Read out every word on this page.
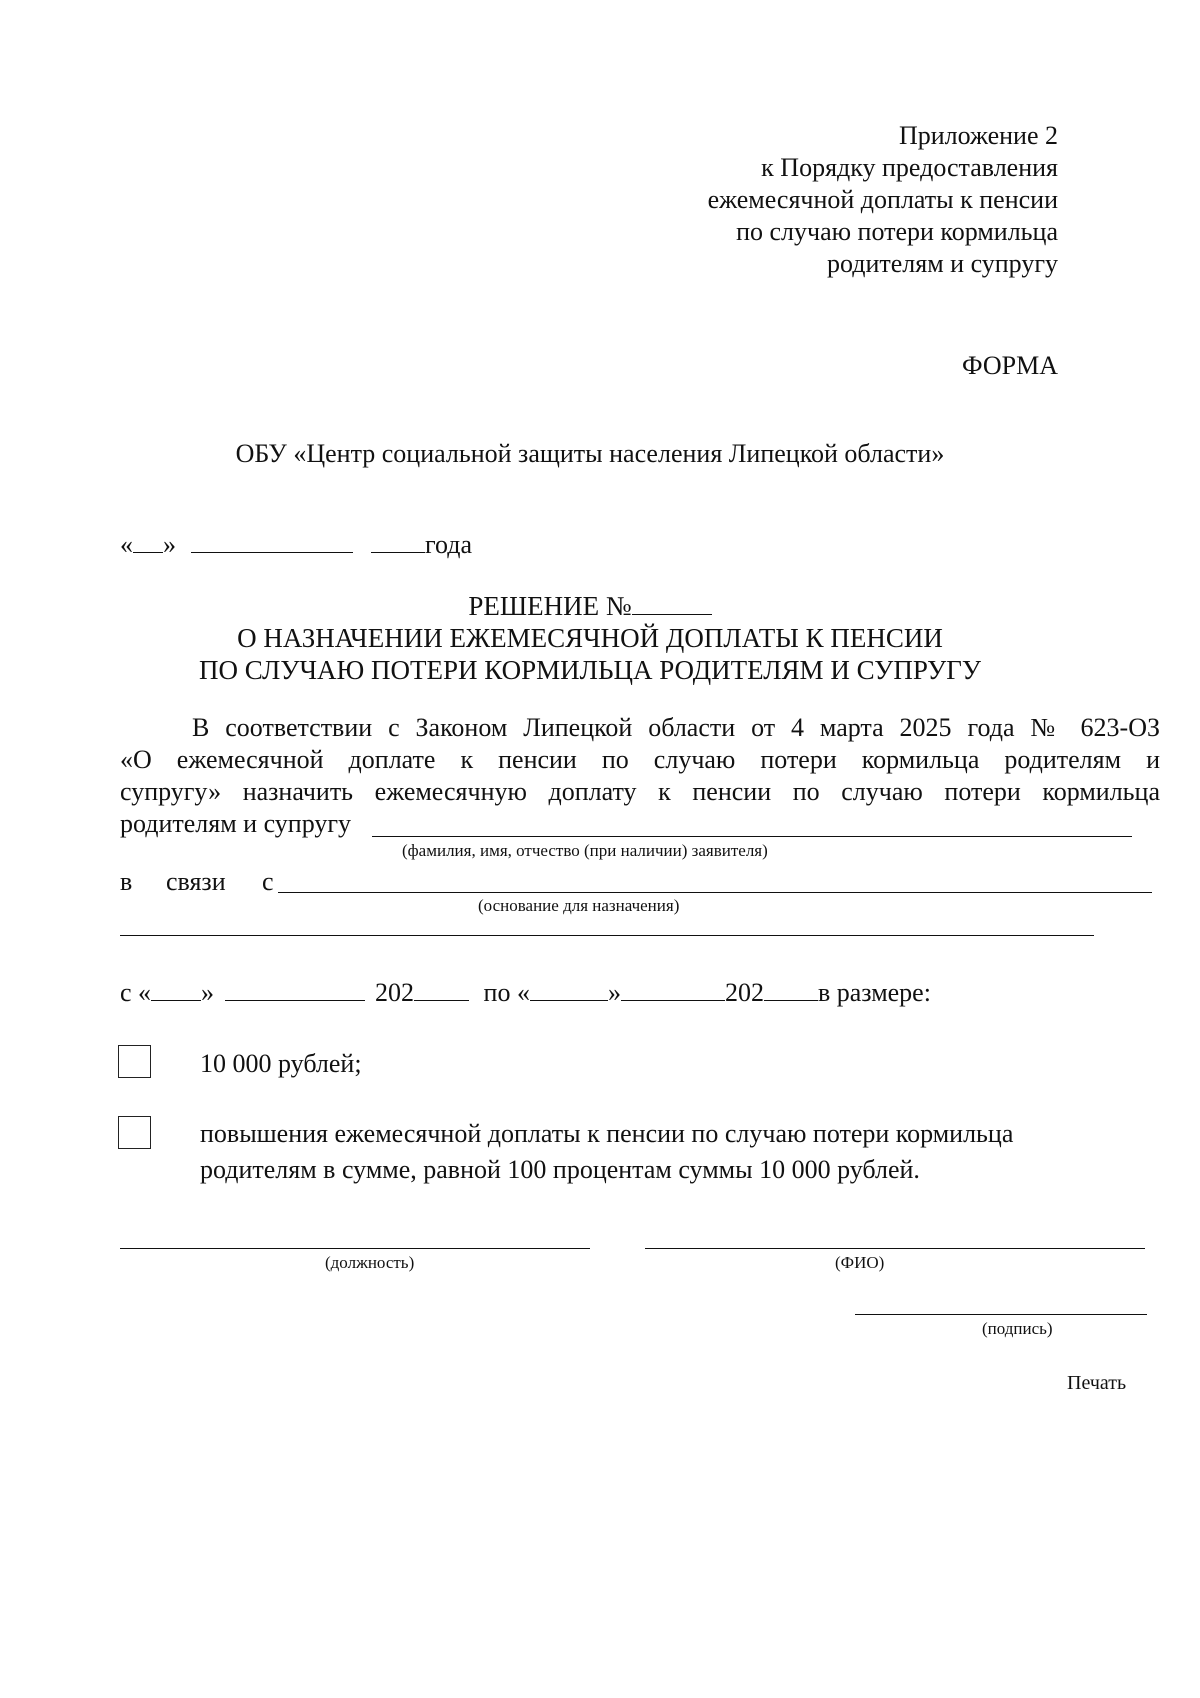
Приложение 2
к Порядку предоставления
ежемесячной доплаты к пенсии
по случаю потери кормильца
родителям и супругу
ФОРМА
ОБУ «Центр социальной защиты населения Липецкой области»
« »	года
РЕШЕНИЕ №
О НАЗНАЧЕНИИ ЕЖЕМЕСЯЧНОЙ ДОПЛАТЫ К ПЕНСИИ
ПО СЛУЧАЮ ПОТЕРИ КОРМИЛЬЦА РОДИТЕЛЯМ И СУПРУГУ
В соответствии с Законом Липецкой области от 4 марта 2025 года № 623-ОЗ
«О ежемесячной доплате к пенсии по случаю потери кормильца родителям и
супругу» назначить ежемесячную доплату к пенсии по случаю потери кормильца
родителям и супругу
(фамилия, имя, отчество (при наличии) заявителя)
в связи с
(основание для назначения)
с « »	202	по «	»	202 в размере:
10 000 рублей;
повышения ежемесячной доплаты к пенсии по случаю потери кормильца
родителям в сумме, равной 100 процентам суммы 10 000 рублей.
(должность)	(ФИО)
(подпись)
Печать
